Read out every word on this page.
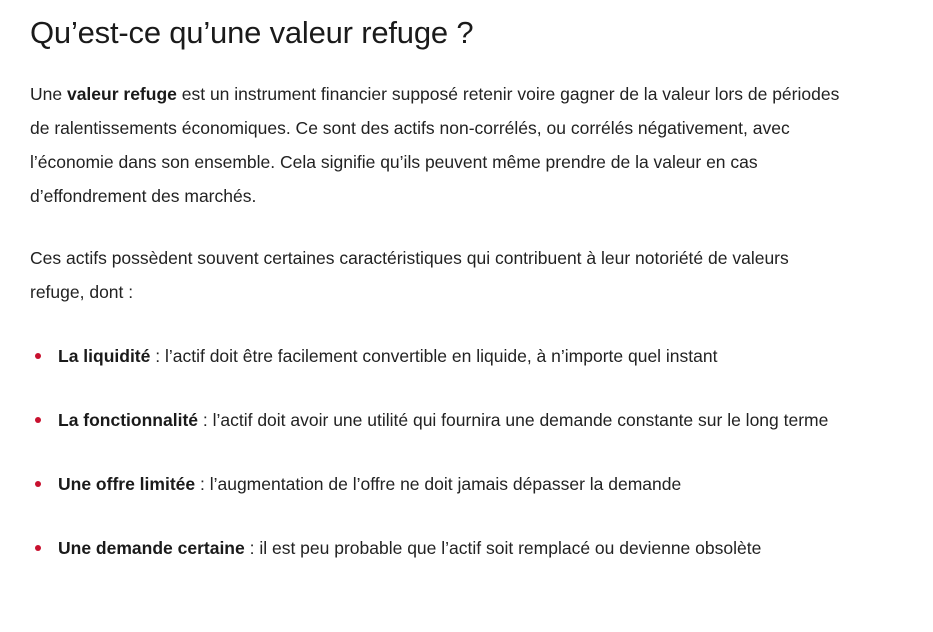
Qu’est-ce qu’une valeur refuge ?

Une valeur refuge est un instrument financier supposé retenir voire gagner de la valeur lors de périodes de ralentissements économiques. Ce sont des actifs non-corrélés, ou corrélés négativement, avec l’économie dans son ensemble. Cela signifie qu’ils peuvent même prendre de la valeur en cas d’effondrement des marchés.

Ces actifs possèdent souvent certaines caractéristiques qui contribuent à leur notoriété de valeurs refuge, dont :

La liquidité : l’actif doit être facilement convertible en liquide, à n’importe quel instant
La fonctionnalité : l’actif doit avoir une utilité qui fournira une demande constante sur le long terme
Une offre limitée : l’augmentation de l’offre ne doit jamais dépasser la demande
Une demande certaine : il est peu probable que l’actif soit remplacé ou devienne obsolète
